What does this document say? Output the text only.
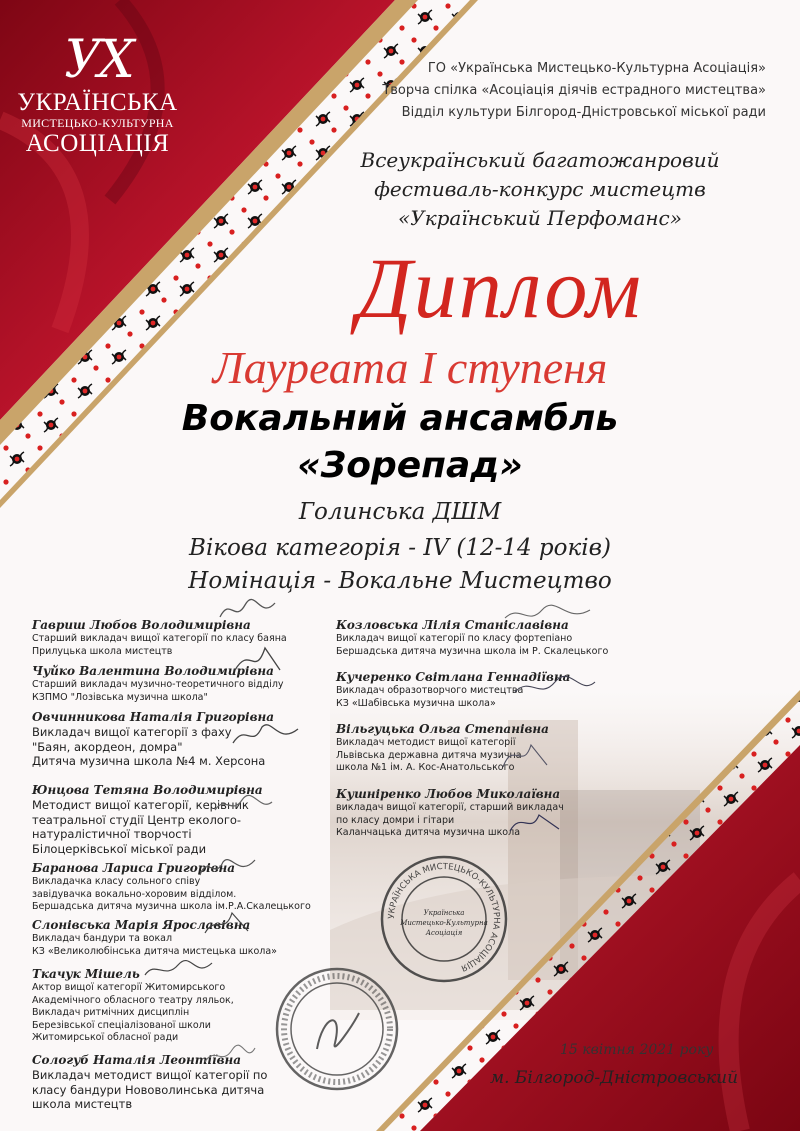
УХ
УКРАЇНСЬКА
МИСТЕЦЬКО-КУЛЬТУРНА
АСОЦІАЦІЯ
ГО «Українська Мистецько-Культурна Асоціація»
Творча спілка «Асоціація діячів естрадного мистецтва»
Відділ культури Білгород-Дністровської міської ради
Всеукраїнський багатожанровий
фестиваль-конкурс мистецтв
«Український Перфоманс»
Диплом
Лауреата І ступеня
Вокальний ансамбль
«Зорепад»
Голинська ДШМ
Вікова категорія - IV (12-14 років)
Номінація - Вокальне Мистецтво
Гавриш Любов Володимирівна
Старший викладач вищої категорії по класу баяна
Прилуцька школа мистецтв
Чуйко Валентина Володимирівна
Старший викладач музично-теоретичного відділу
КЗПМО "Лозівська музична школа"
Овчинникова Наталія Григорівна
Викладач вищої категорії з фаху
"Баян, акордеон, домра"
Дитяча музична школа №4 м. Херсона
Юнцова Тетяна Володимирівна
Методист вищої категорії, керівник
театральної студії Центр еколого-
натуралістичної творчості
Білоцерківської міської ради
Баранова Лариса Григорівна
Викладачка класу сольного співу
завідувачка вокально-хоровим відділом.
Бершадська дитяча музична школа ім.Р.А.Скалецького
Слонівська Марія Ярославівна
Викладач бандури та вокал
КЗ «Великолюбінська дитяча мистецька школа»
Ткачук Мішель
Актор вищої категорії Житомирського
Академічного обласного театру ляльок,
Викладач ритмічних дисциплін
Березівської спеціалізованої школи
Житомирської обласної ради
Сологуб Наталія Леонтіївна
Викладач методист вищої категорії по
класу бандури Нововолинська дитяча
школа мистецтв
Козловська Лілія Станіславівна
Викладач вищої категорії по класу фортепіано
Бершадська дитяча музична школа ім Р. Скалецького
Кучеренко Світлана Геннадіївна
Викладач образотворчого мистецтва
КЗ «Шабівська музична школа»
Вільгуцька Ольга Степанівна
Викладач методист вищої категорії
Львівська державна дитяча музична
школа №1 ім. А. Кос-Анатольського
Кушніренко Любов Миколаївна
викладач вищої категорії, старший викладач
по класу домри і гітари
Каланчацька дитяча музична школа
УКРАЇНСЬКА МИСТЕЦЬКО-КУЛЬТУРНА АСОЦІАЦІЯ
Українська
Мистецько-Культурна
Асоціація
15 квітня 2021 року
м. Білгород-Дністровський
